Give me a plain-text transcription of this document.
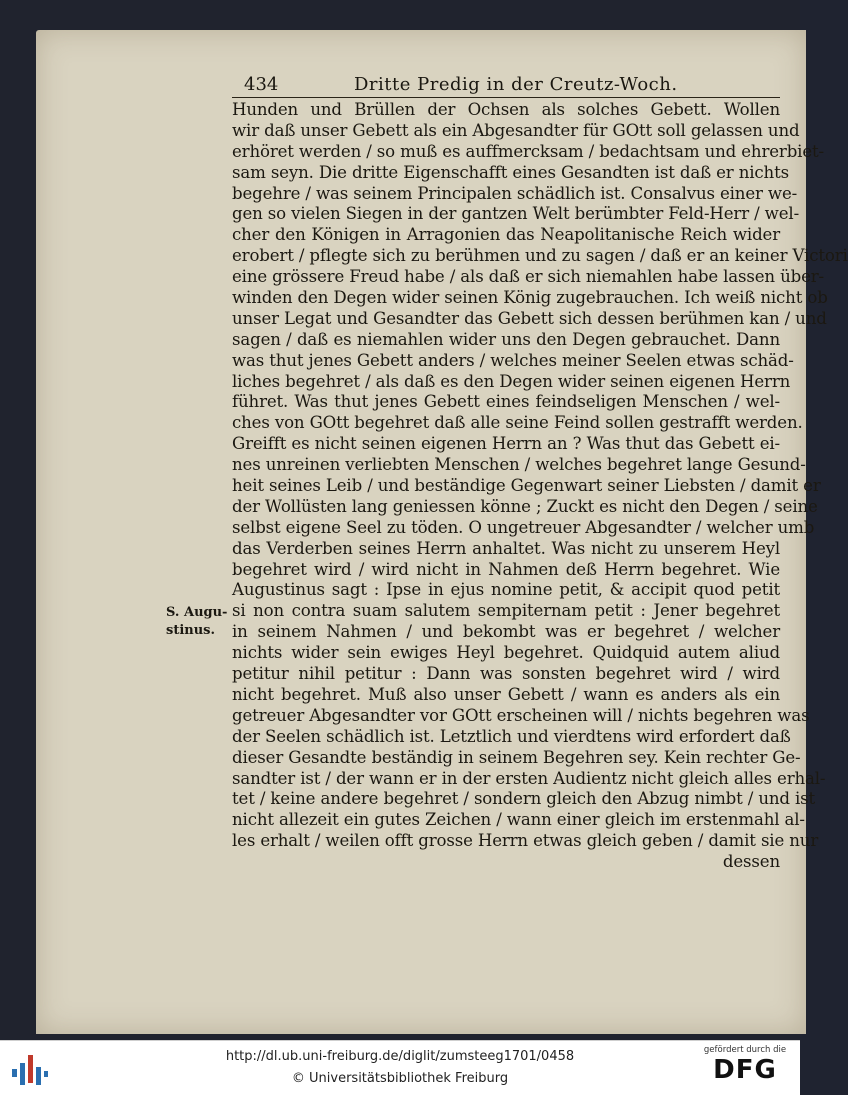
434	Dritte Predig in der Creutz-Woch.
Hunden und Brüllen der Ochsen als solches Gebett. Wollen
wir daß unser Gebett als ein Abgesandter für GOtt soll gelassen und
erhöret werden / so muß es auffmercksam / bedachtsam und ehrerbiet-
sam seyn. Die dritte Eigenschafft eines Gesandten ist daß er nichts
begehre / was seinem Principalen schädlich ist. Consalvus einer we-
gen so vielen Siegen in der gantzen Welt berümbter Feld-Herr / wel-
cher den Königen in Arragonien das Neapolitanische Reich wider
erobert / pflegte sich zu berühmen und zu sagen / daß er an keiner Victori
eine grössere Freud habe / als daß er sich niemahlen habe lassen über-
winden den Degen wider seinen König zugebrauchen. Ich weiß nicht ob
unser Legat und Gesandter das Gebett sich dessen berühmen kan / und
sagen / daß es niemahlen wider uns den Degen gebrauchet. Dann
was thut jenes Gebett anders / welches meiner Seelen etwas schäd-
liches begehret / als daß es den Degen wider seinen eigenen Herrn
führet. Was thut jenes Gebett eines feindseligen Menschen / wel-
ches von GOtt begehret daß alle seine Feind sollen gestrafft werden.
Greifft es nicht seinen eigenen Herrn an ? Was thut das Gebett ei-
nes unreinen verliebten Menschen / welches begehret lange Gesund-
heit seines Leib / und beständige Gegenwart seiner Liebsten / damit er
der Wollüsten lang geniessen könne ; Zuckt es nicht den Degen / seine
selbst eigene Seel zu töden. O ungetreuer Abgesandter / welcher umb
das Verderben seines Herrn anhaltet. Was nicht zu unserem Heyl
begehret wird / wird nicht in Nahmen deß Herrn begehret. Wie
Augustinus sagt : Ipse in ejus nomine petit, & accipit quod petit
si non contra suam salutem sempiternam petit : Jener begehret
in seinem Nahmen / und bekombt was er begehret / welcher
nichts wider sein ewiges Heyl begehret. Quidquid autem aliud
petitur nihil petitur : Dann was sonsten begehret wird / wird
nicht begehret. Muß also unser Gebett / wann es anders als ein
getreuer Abgesandter vor GOtt erscheinen will / nichts begehren was
der Seelen schädlich ist. Letztlich und vierdtens wird erfordert daß
dieser Gesandte beständig in seinem Begehren sey. Kein rechter Ge-
sandter ist / der wann er in der ersten Audientz nicht gleich alles erhal-
tet / keine andere begehret / sondern gleich den Abzug nimbt / und ist
nicht allezeit ein gutes Zeichen / wann einer gleich im erstenmahl al-
les erhalt / weilen offt grosse Herrn etwas gleich geben / damit sie nur
dessen
S. Augu-
stinus.
http://dl.ub.uni-freiburg.de/diglit/zumsteeg1701/0458
© Universitätsbibliothek Freiburg
gefördert durch die
DFG
